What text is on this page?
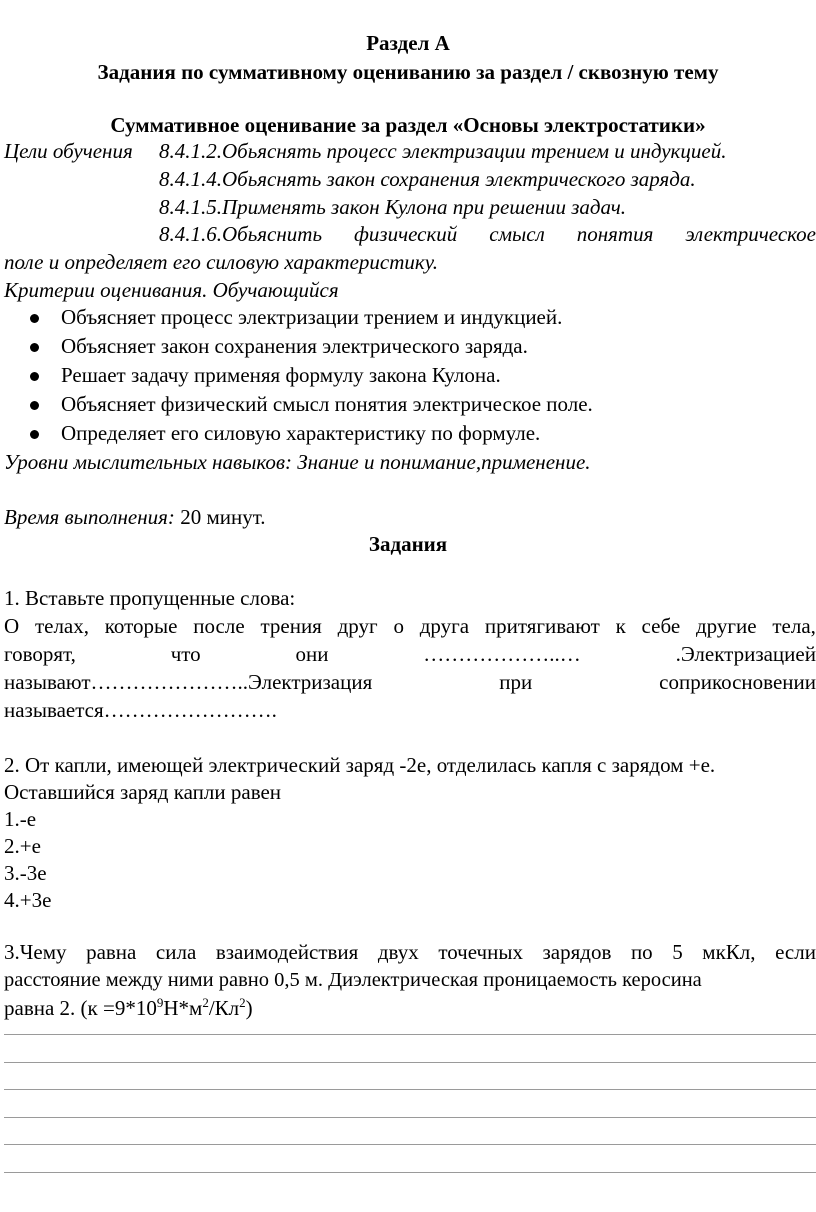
Раздел А
Задания по суммативному оцениванию за раздел / сквозную тему
Суммативное оценивание за раздел «Основы электростатики»
Цели обучения 8.4.1.2.Обьяснять процесс электризации трением и индукцией.
8.4.1.4.Обьяснять закон сохранения электрического заряда.
8.4.1.5.Применять закон Кулона при решении задач.
8.4.1.6.Обьяснить физический смысл понятия электрическое
поле и определяет его силовую характеристику.
Критерии оценивания. Обучающийся
Объясняет процесс электризации трением и индукцией.
Объясняет закон сохранения электрического заряда.
Решает задачу применяя формулу закона Кулона.
Объясняет физический смысл понятия электрическое поле.
Определяет его силовую характеристику по формуле.
Уровни мыслительных навыков: Знание и понимание,применение.
Время выполнения: 20 минут.
Задания
1. Вставьте пропущенные слова:
О телах, которые после трения друг о друга притягивают к себе другие тела,
говорят,	что	они	………………..…	.Электризацией
называют…………………..Электризация	при	соприкосновении
называется…………………….
2. От капли, имеющей электрический заряд -2е, отделилась капля с зарядом +е.
Оставшийся заряд капли равен
1.-е
2.+е
3.-3е
4.+3е
3.Чему равна сила взаимодействия двух точечных зарядов по 5 мкКл, если
расстояние между ними равно 0,5 м. Диэлектрическая проницаемость керосина
равна 2. $(к =9*10^9Н*м^2/Кл^2)$
